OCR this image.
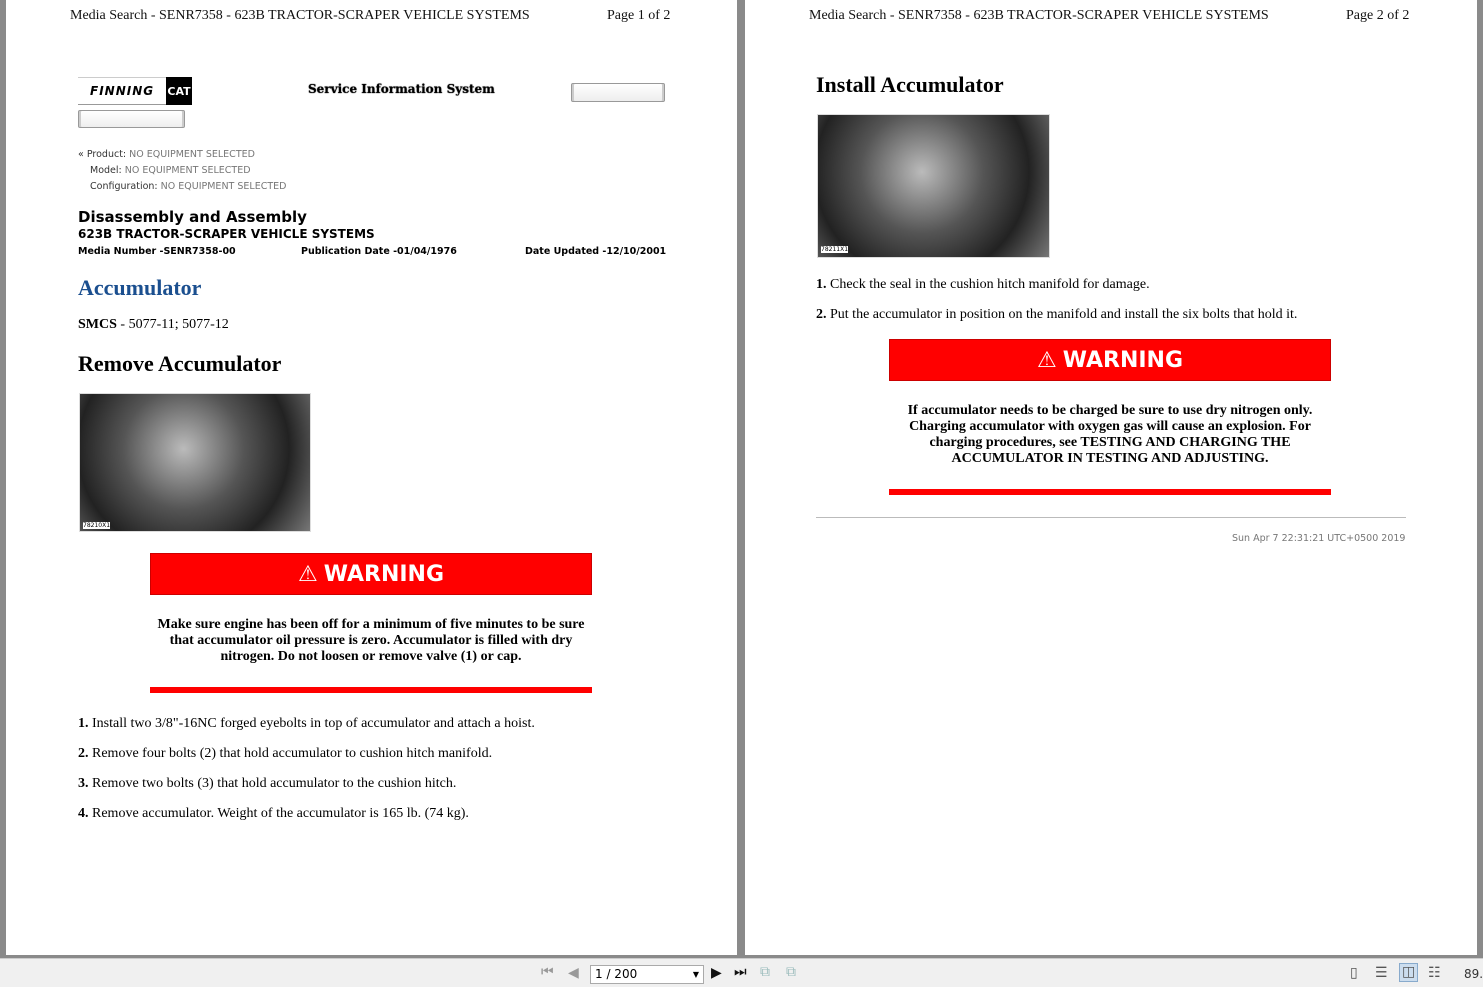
Media Search - SENR7358 - 623B TRACTOR-SCRAPER VEHICLE SYSTEMS	Page 1 of 2
FINNING	CAT	Service Information System
« Product: NO EQUIPMENT SELECTED
Model: NO EQUIPMENT SELECTED
Configuration: NO EQUIPMENT SELECTED
Disassembly and Assembly
623B TRACTOR-SCRAPER VEHICLE SYSTEMS
Media Number -SENR7358-00	Publication Date -01/04/1976	Date Updated -12/10/2001
Accumulator
SMCS - 5077-11; 5077-12
Remove Accumulator
78210X1
⚠ WARNING
Make sure engine has been off for a minimum of five minutes to be sure that accumulator oil pressure is zero. Accumulator is filled with dry nitrogen. Do not loosen or remove valve (1) or cap.
1. Install two 3/8"-16NC forged eyebolts in top of accumulator and attach a hoist.
2. Remove four bolts (2) that hold accumulator to cushion hitch manifold.
3. Remove two bolts (3) that hold accumulator to the cushion hitch.
4. Remove accumulator. Weight of the accumulator is 165 lb. (74 kg).
Media Search - SENR7358 - 623B TRACTOR-SCRAPER VEHICLE SYSTEMS	Page 2 of 2
Install Accumulator
78211X1
1. Check the seal in the cushion hitch manifold for damage.
2. Put the accumulator in position on the manifold and install the six bolts that hold it.
⚠ WARNING
If accumulator needs to be charged be sure to use dry nitrogen only. Charging accumulator with oxygen gas will cause an explosion. For charging procedures, see TESTING AND CHARGING THE ACCUMULATOR IN TESTING AND ADJUSTING.
Sun Apr 7 22:31:21 UTC+0500 2019
⏮ ◀	1 / 200	▼ ▶ ⏭ ⧉ ⧉	▯ ☰ ◫ ☷ 89.
